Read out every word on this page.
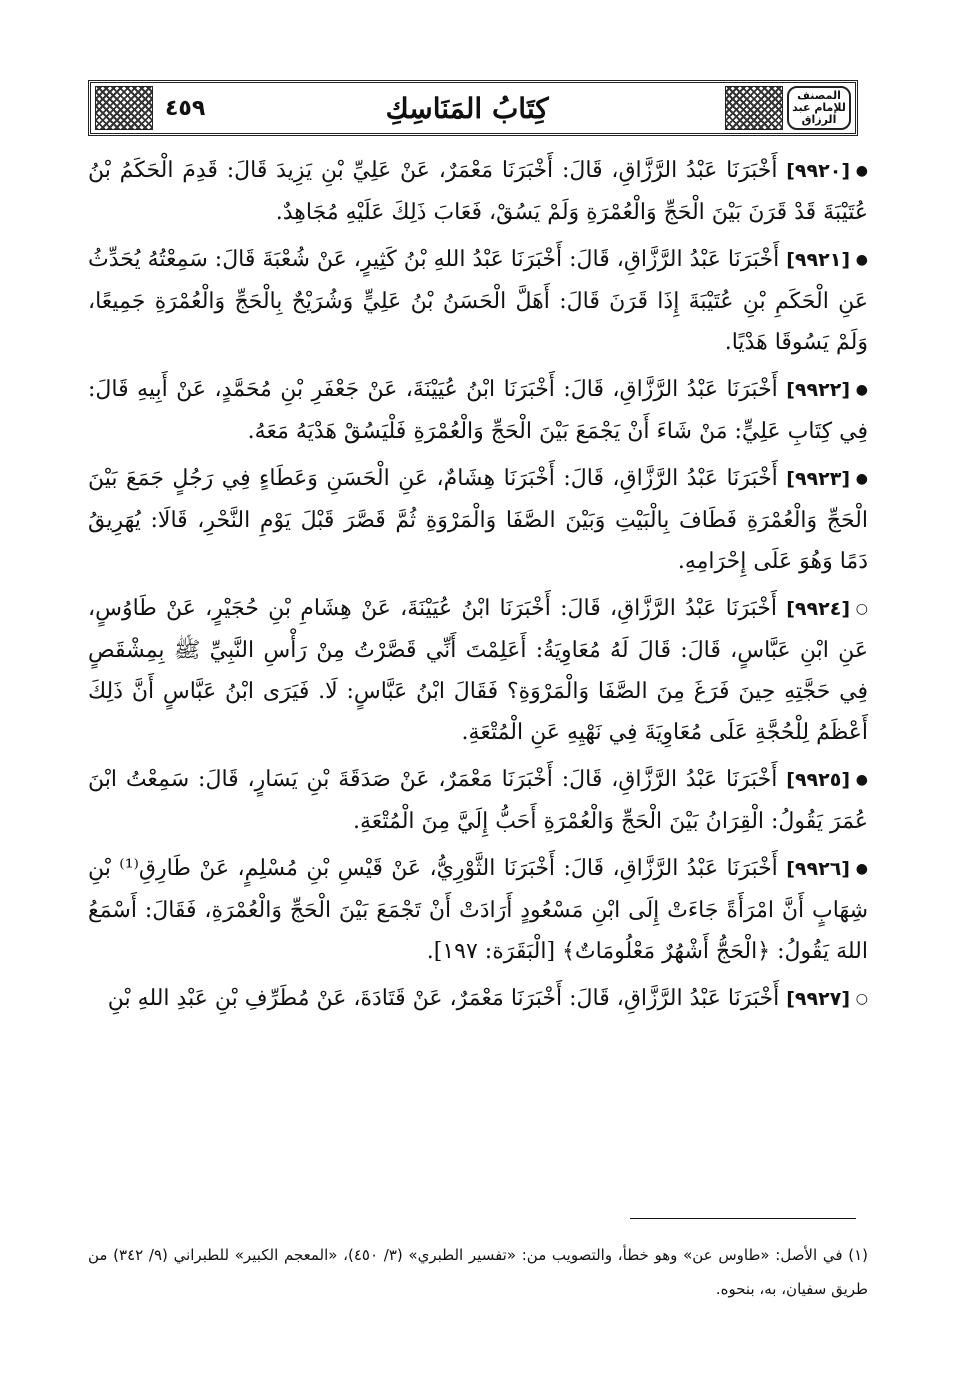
٤٥٩	كِتَابُ المَنَاسِكِ	المصنف للإمام عبد الرزاق

●[٩٩٢٠] أَخْبَرَنَا عَبْدُ الرَّزَّاقِ، قَالَ: أَخْبَرَنَا مَعْمَرٌ، عَنْ عَلِيِّ بْنِ يَزِيدَ قَالَ: قَدِمَ الْحَكَمُ بْنُ عُتَيْبَةَ قَدْ قَرَنَ بَيْنَ الْحَجِّ وَالْعُمْرَةِ وَلَمْ يَسُقْ، فَعَابَ ذَلِكَ عَلَيْهِ مُجَاهِدٌ.

●[٩٩٢١] أَخْبَرَنَا عَبْدُ الرَّزَّاقِ، قَالَ: أَخْبَرَنَا عَبْدُ اللهِ بْنُ كَثِيرٍ، عَنْ شُعْبَةَ قَالَ: سَمِعْتُهُ يُحَدِّثُ عَنِ الْحَكَمِ بْنِ عُتَيْبَةَ إِذَا قَرَنَ قَالَ: أَهَلَّ الْحَسَنُ بْنُ عَلِيٍّ وَشُرَيْحٌ بِالْحَجِّ وَالْعُمْرَةِ جَمِيعًا، وَلَمْ يَسُوقَا هَدْيًا.

●[٩٩٢٢] أَخْبَرَنَا عَبْدُ الرَّزَّاقِ، قَالَ: أَخْبَرَنَا ابْنُ عُيَيْنَةَ، عَنْ جَعْفَرِ بْنِ مُحَمَّدٍ، عَنْ أَبِيهِ قَالَ: فِي كِتَابِ عَلِيٍّ: مَنْ شَاءَ أَنْ يَجْمَعَ بَيْنَ الْحَجِّ وَالْعُمْرَةِ فَلْيَسُقْ هَدْيَهُ مَعَهُ.

●[٩٩٢٣] أَخْبَرَنَا عَبْدُ الرَّزَّاقِ، قَالَ: أَخْبَرَنَا هِشَامٌ، عَنِ الْحَسَنِ وَعَطَاءٍ فِي رَجُلٍ جَمَعَ بَيْنَ الْحَجِّ وَالْعُمْرَةِ فَطَافَ بِالْبَيْتِ وَبَيْنَ الصَّفَا وَالْمَرْوَةِ ثُمَّ قَصَّرَ قَبْلَ يَوْمِ النَّحْرِ، قَالَا: يُهَرِيقُ دَمًا وَهُوَ عَلَى إِحْرَامِهِ.

○[٩٩٢٤] أَخْبَرَنَا عَبْدُ الرَّزَّاقِ، قَالَ: أَخْبَرَنَا ابْنُ عُيَيْنَةَ، عَنْ هِشَامِ بْنِ حُجَيْرٍ، عَنْ طَاوُسٍ، عَنِ ابْنِ عَبَّاسٍ، قَالَ: قَالَ لَهُ مُعَاوِيَةُ: أَعَلِمْتَ أَنِّي قَصَّرْتُ مِنْ رَأْسِ النَّبِيِّ ﷺ بِمِشْقَصٍ فِي حَجَّتِهِ حِينَ فَرَغَ مِنَ الصَّفَا وَالْمَرْوَةِ؟ فَقَالَ ابْنُ عَبَّاسٍ: لَا. فَيَرَى ابْنُ عَبَّاسٍ أَنَّ ذَلِكَ أَعْظَمُ لِلْحُجَّةِ عَلَى مُعَاوِيَةَ فِي نَهْيِهِ عَنِ الْمُتْعَةِ.

●[٩٩٢٥] أَخْبَرَنَا عَبْدُ الرَّزَّاقِ، قَالَ: أَخْبَرَنَا مَعْمَرٌ، عَنْ صَدَقَةَ بْنِ يَسَارٍ، قَالَ: سَمِعْتُ ابْنَ عُمَرَ يَقُولُ: الْقِرَانُ بَيْنَ الْحَجِّ وَالْعُمْرَةِ أَحَبُّ إِلَيَّ مِنَ الْمُتْعَةِ.

●[٩٩٢٦] أَخْبَرَنَا عَبْدُ الرَّزَّاقِ، قَالَ: أَخْبَرَنَا الثَّوْرِيُّ، عَنْ قَيْسِ بْنِ مُسْلِمٍ، عَنْ طَارِقِ⁽¹⁾ بْنِ شِهَابٍ أَنَّ امْرَأَةً جَاءَتْ إِلَى ابْنِ مَسْعُودٍ أَرَادَتْ أَنْ تَجْمَعَ بَيْنَ الْحَجِّ وَالْعُمْرَةِ، فَقَالَ: أَسْمَعُ اللهَ يَقُولُ: ﴿الْحَجُّ أَشْهُرٌ مَعْلُومَاتٌ﴾ [الْبَقَرَة: ١٩٧].

○[٩٩٢٧] أَخْبَرَنَا عَبْدُ الرَّزَّاقِ، قَالَ: أَخْبَرَنَا مَعْمَرٌ، عَنْ قَتَادَةَ، عَنْ مُطَرِّفِ بْنِ عَبْدِ اللهِ بْنِ

(١) في الأصل: «طاوس عن» وهو خطأ، والتصويب من: «تفسير الطبري» (٣/ ٤٥٠)، «المعجم الكبير» للطبراني (٩/ ٣٤٢) من طريق سفيان، به، بنحوه.
